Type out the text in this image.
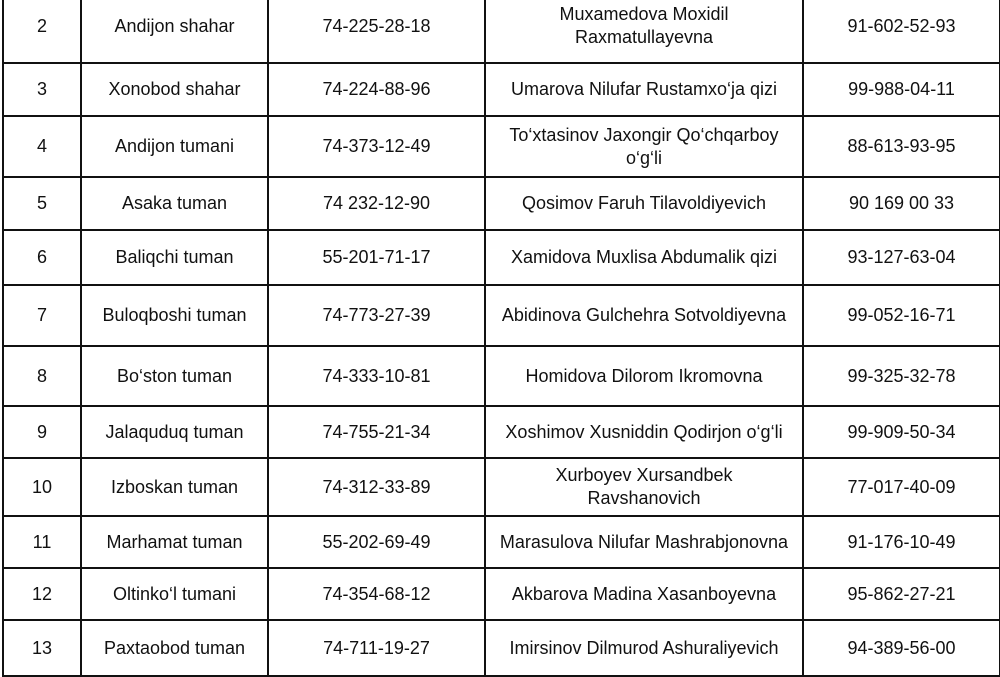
2	Andijon shahar	74-225-28-18	Muxamedova Moxidil Raxmatullayevna	91-602-52-93
3	Xonobod shahar	74-224-88-96	Umarova Nilufar Rustamxo‘ja qizi	99-988-04-11
4	Andijon tumani	74-373-12-49	To‘xtasinov Jaxongir Qo‘chqarboy o‘g‘li	88-613-93-95
5	Asaka tuman	74 232-12-90	Qosimov Faruh Tilavoldiyevich	90 169 00 33
6	Baliqchi tuman	55-201-71-17	Xamidova Muxlisa Abdumalik qizi	93-127-63-04
7	Buloqboshi tuman	74-773-27-39	Abidinova Gulchehra Sotvoldiyevna	99-052-16-71
8	Bo‘ston tuman	74-333-10-81	Homidova Dilorom Ikromovna	99-325-32-78
9	Jalaquduq tuman	74-755-21-34	Xoshimov Xusniddin Qodirjon o‘g‘li	99-909-50-34
10	Izboskan tuman	74-312-33-89	Xurboyev Xursandbek Ravshanovich	77-017-40-09
11	Marhamat tuman	55-202-69-49	Marasulova Nilufar Mashrabjonovna	91-176-10-49
12	Oltinko‘l tumani	74-354-68-12	Akbarova Madina Xasanboyevna	95-862-27-21
13	Paxtaobod tuman	74-711-19-27	Imirsinov Dilmurod Ashuraliyevich	94-389-56-00
